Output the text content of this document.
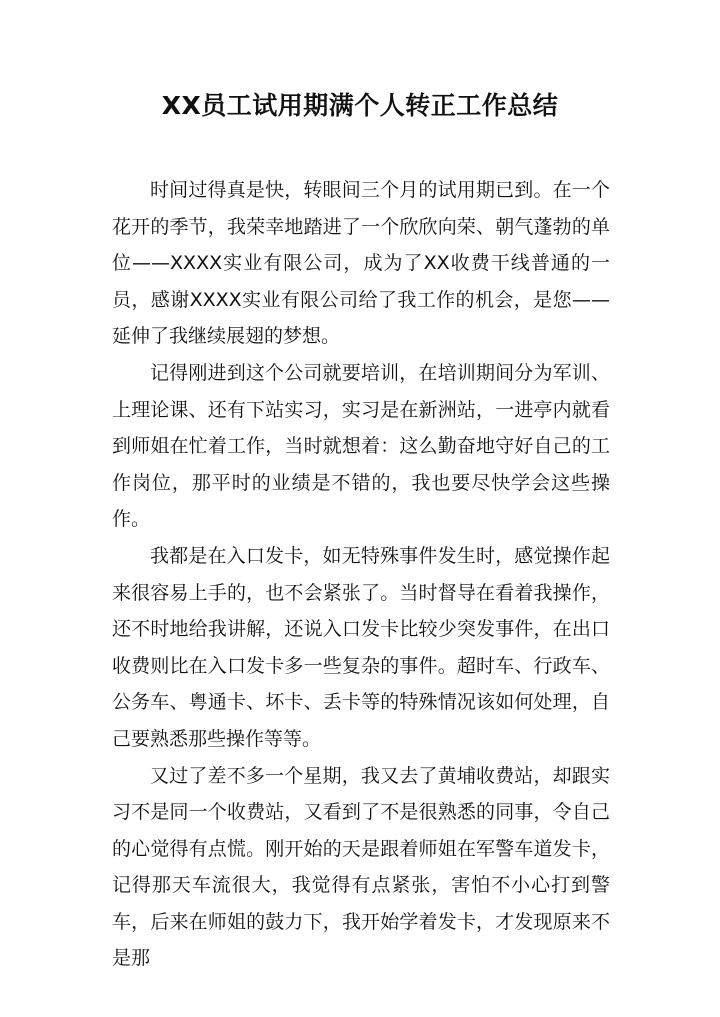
XX员工试用期满个人转正工作总结

时间过得真是快，转眼间三个月的试用期已到。在一个花开的季节，我荣幸地踏进了一个欣欣向荣、朝气蓬勃的单位——XXXX实业有限公司，成为了XX收费干线普通的一员，感谢XXXX实业有限公司给了我工作的机会，是您——延伸了我继续展翅的梦想。

记得刚进到这个公司就要培训，在培训期间分为军训、上理论课、还有下站实习，实习是在新洲站，一进亭内就看到师姐在忙着工作，当时就想着：这么勤奋地守好自己的工作岗位，那平时的业绩是不错的，我也要尽快学会这些操作。

我都是在入口发卡，如无特殊事件发生时，感觉操作起来很容易上手的，也不会紧张了。当时督导在看着我操作，还不时地给我讲解，还说入口发卡比较少突发事件，在出口收费则比在入口发卡多一些复杂的事件。超时车、行政车、公务车、粤通卡、坏卡、丢卡等的特殊情况该如何处理，自己要熟悉那些操作等等。

又过了差不多一个星期，我又去了黄埔收费站，却跟实习不是同一个收费站，又看到了不是很熟悉的同事，令自己的心觉得有点慌。刚开始的天是跟着师姐在军警车道发卡，记得那天车流很大，我觉得有点紧张，害怕不小心打到警车，后来在师姐的鼓力下，我开始学着发卡，才发现原来不是那
